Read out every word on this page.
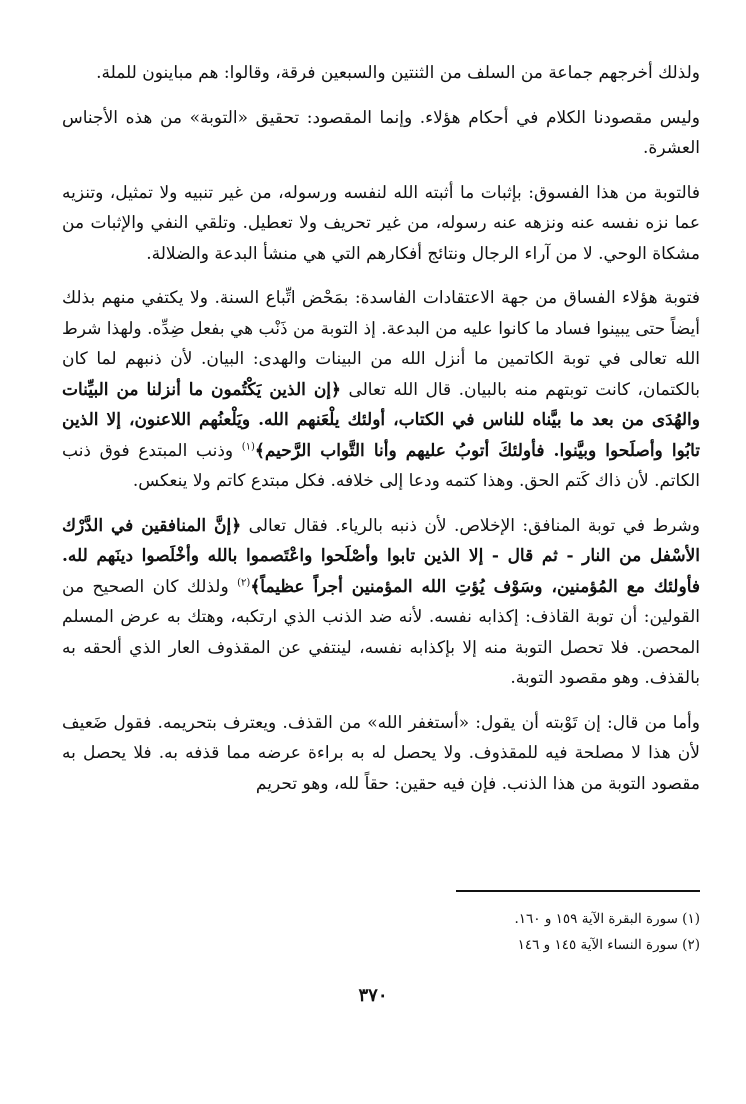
ولذلك أخرجهم جماعة من السلف من الثنتين والسبعين فرقة، وقالوا: هم مباينون للملة.

وليس مقصودنا الكلام في أحكام هؤلاء. وإنما المقصود: تحقيق «التوبة» من هذه الأجناس العشرة.

فالتوبة من هذا الفسوق: بإثبات ما أثبته الله لنفسه ورسوله، من غير تنبيه ولا تمثيل، وتنزيه عما نزه نفسه عنه ونزهه عنه رسوله، من غير تحريف ولا تعطيل. وتلقي النفي والإثبات من مشكاة الوحي. لا من آراء الرجال ونتائج أفكارهم التي هي منشأ البدعة والضلالة.

فتوبة هؤلاء الفساق من جهة الاعتقادات الفاسدة: بمَحْض اتِّباع السنة. ولا يكتفي منهم بذلك أيضاً حتى يبينوا فساد ما كانوا عليه من البدعة. إذ التوبة من ذَنْب هي بفعل ضِدِّه. ولهذا شرط الله تعالى في توبة الكاتمين ما أنزل الله من البينات والهدى: البيان. لأن ذنبهم لما كان بالكتمان، كانت توبتهم منه بالبيان. قال الله تعالى ﴿إن الذين يَكْتُمون ما أنزلنا من البيِّنات والهُدَى من بعد ما بيَّناه للناس في الكتاب، أولئك يلْعَنهم الله. ويَلْعنُهم اللاعنون، إلا الذين تابُوا وأصلَحوا وبيَّنوا. فأولئكَ أتوبُ عليهم وأنا التَّواب الرَّحيم﴾$^{(١)}$ وذنب المبتدع فوق ذنب الكاتم. لأن ذاك كَتم الحق. وهذا كتمه ودعا إلى خلافه. فكل مبتدع كاتم ولا ينعكس.

وشرط في توبة المنافق: الإخلاص. لأن ذنبه بالرياء. فقال تعالى ﴿إنَّ المنافقين في الدَّرْك الأسْفل من النار - ثم قال - إلا الذين تابوا وأصْلَحوا واعْتَصموا بالله وأخْلَصوا دينَهم لله. فأولئك مع المُؤمنين، وسَوْف يُؤتِ الله المؤمنين أجراً عظيماً﴾$^{(٢)}$ ولذلك كان الصحيح من القولين: أن توبة القاذف: إكذابه نفسه. لأنه ضد الذنب الذي ارتكبه، وهتك به عرض المسلم المحصن. فلا تحصل التوبة منه إلا بإكذابه نفسه، لينتفي عن المقذوف العار الذي ألحقه به بالقذف. وهو مقصود التوبة.

وأما من قال: إن تَوْبته أن يقول: «أستغفر الله» من القذف. ويعترف بتحريمه. فقول ضَعيف لأن هذا لا مصلحة فيه للمقذوف. ولا يحصل له به براءة عرضه مما قذفه به. فلا يحصل به مقصود التوبة من هذا الذنب. فإن فيه حقين: حقاً لله، وهو تحريم

(١) سورة البقرة الآية ١٥٩ و ١٦٠.
(٢) سورة النساء الآية ١٤٥ و ١٤٦
٣٧٠
